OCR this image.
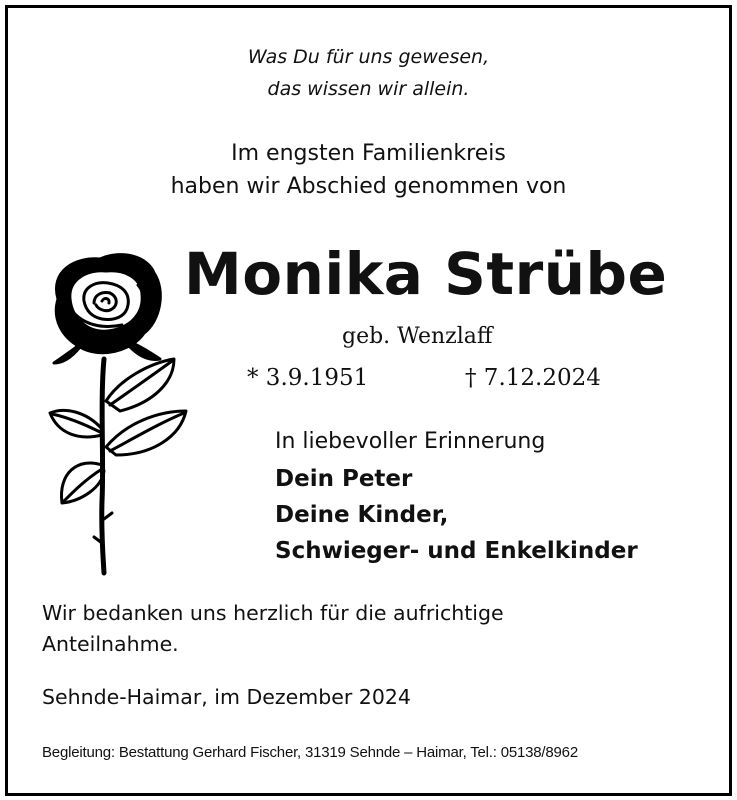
Was Du für uns gewesen,
das wissen wir allein.
Im engsten Familienkreis
haben wir Abschied genommen von
Monika Strübe
geb. Wenzlaff
* 3.9.1951	† 7.12.2024
In liebevoller Erinnerung
Dein Peter
Deine Kinder,
Schwieger- und Enkelkinder
Wir bedanken uns herzlich für die aufrichtige
Anteilnahme.
Sehnde-Haimar, im Dezember 2024
Begleitung: Bestattung Gerhard Fischer, 31319 Sehnde – Haimar, Tel.: 05138/8962
